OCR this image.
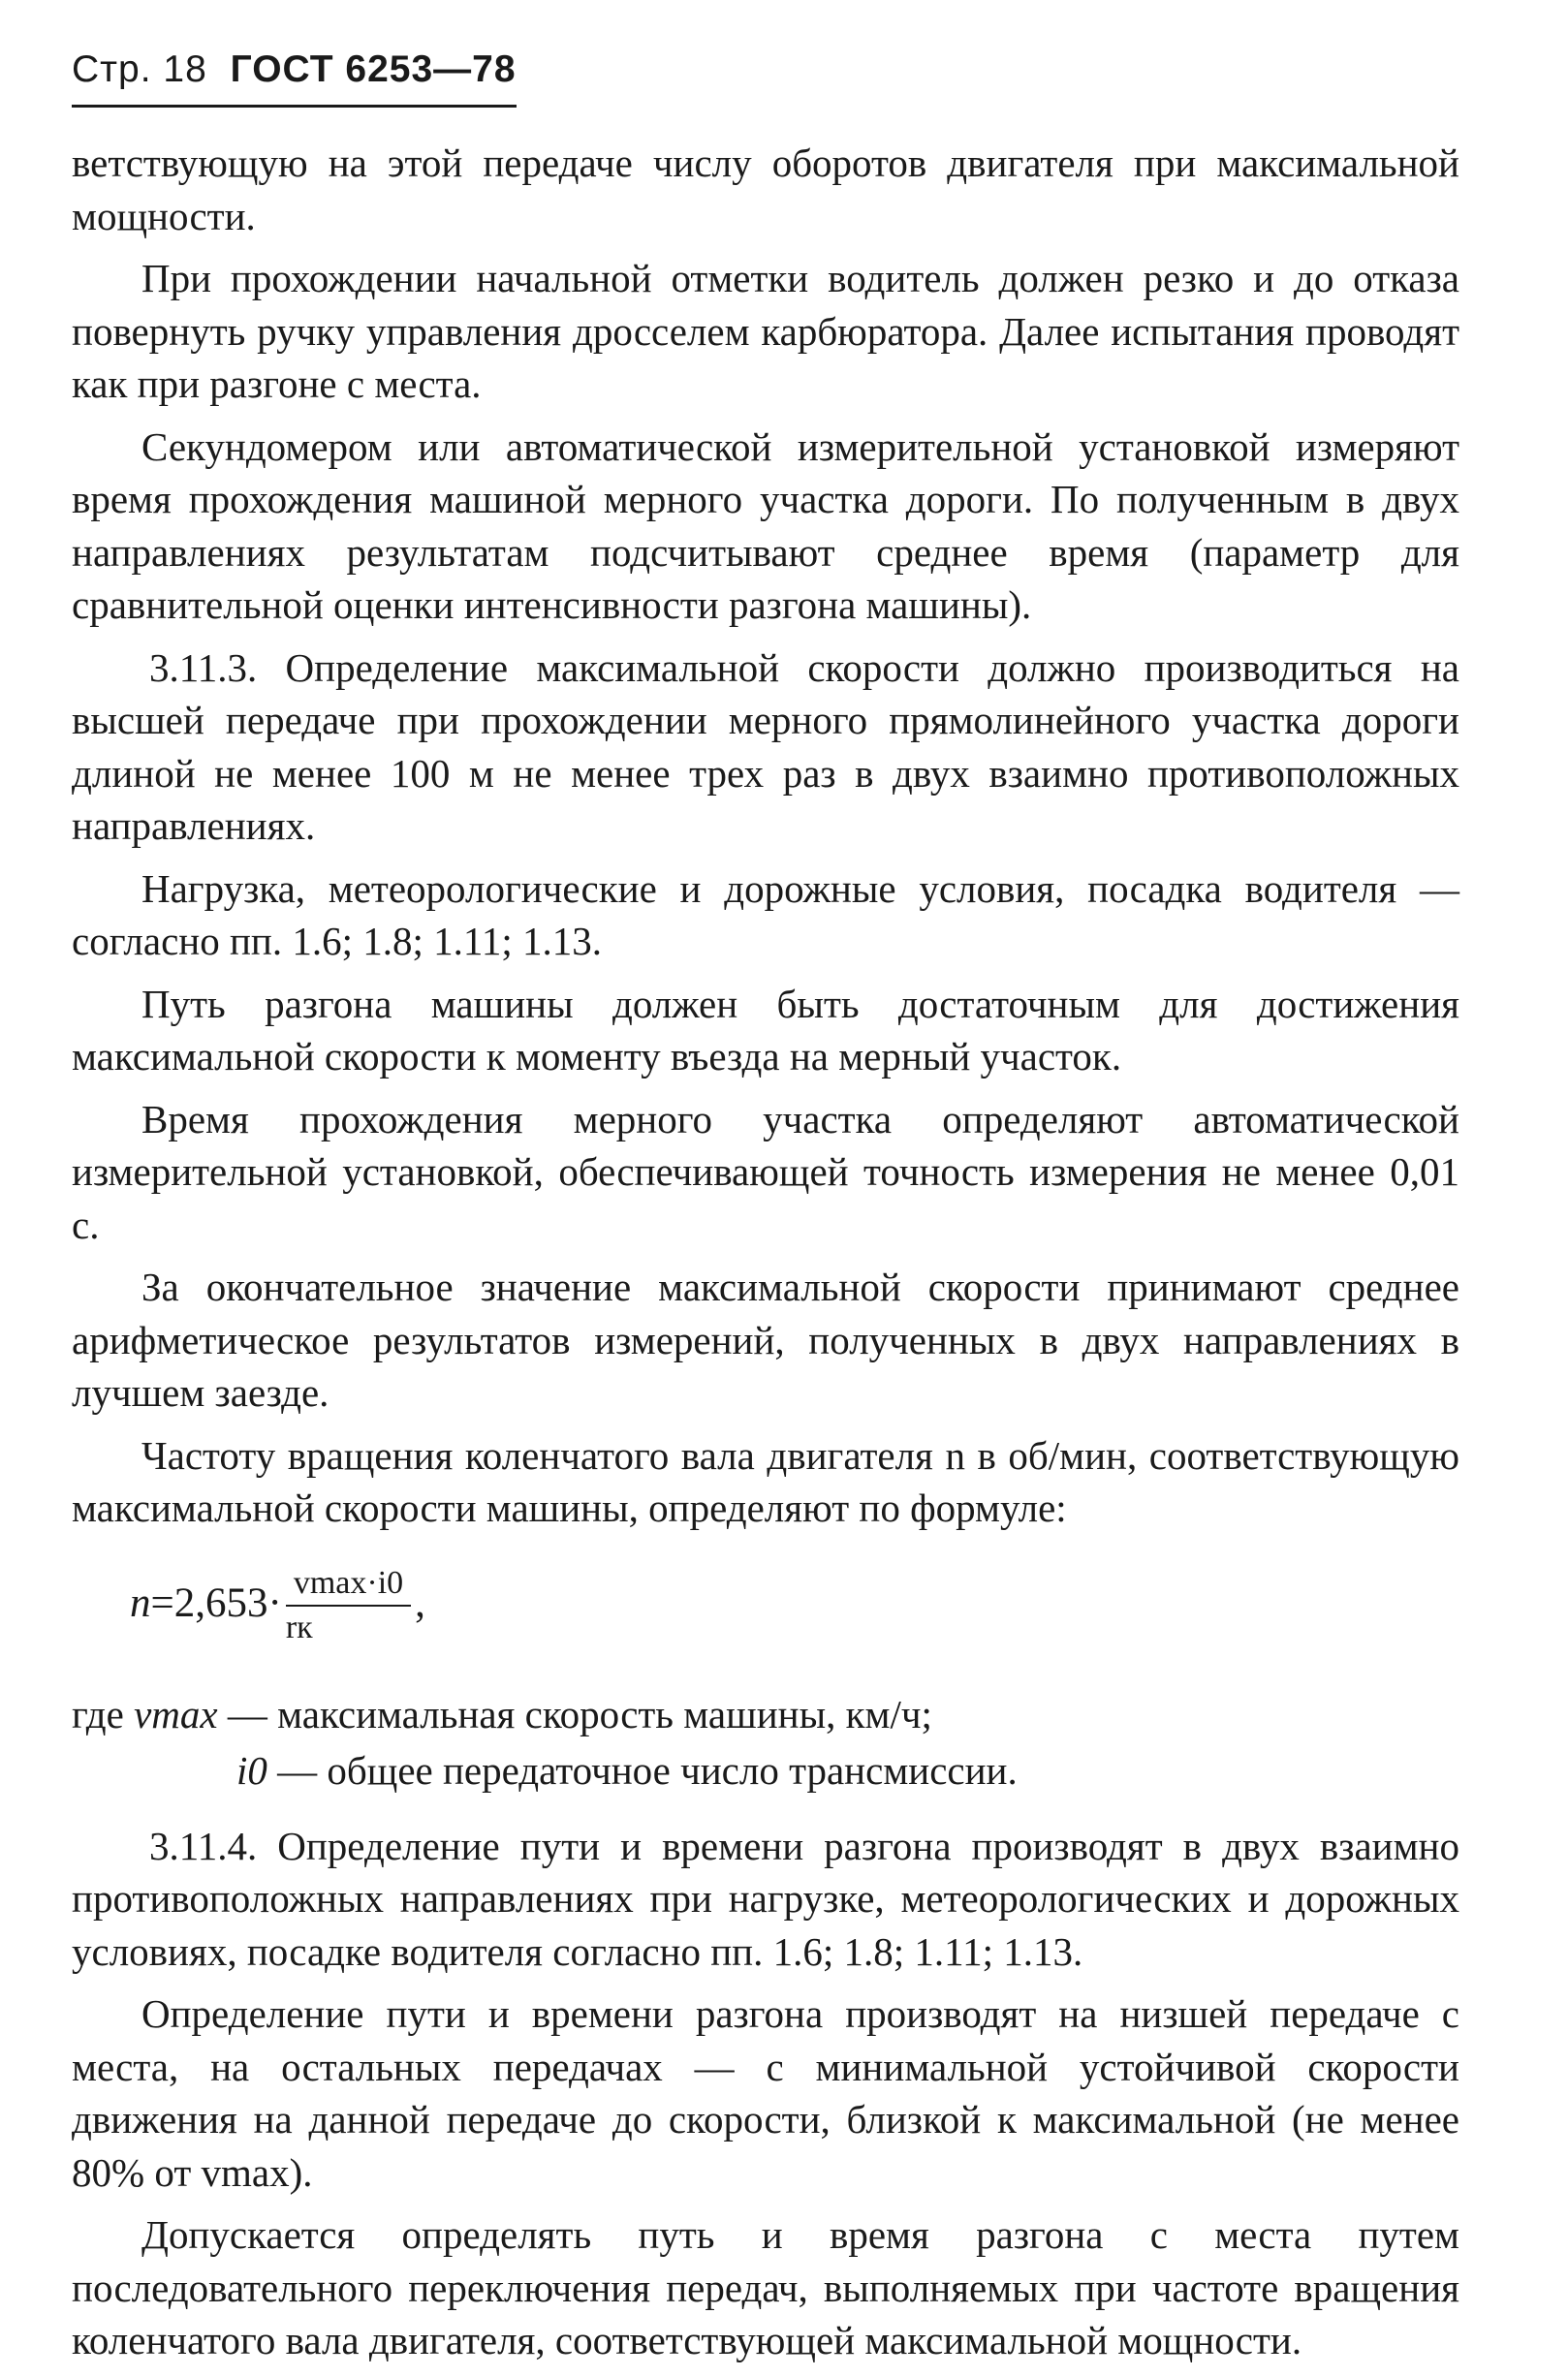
Стр. 18 ГОСТ 6253—78

ветствующую на этой передаче числу оборотов двигателя при максимальной мощности.

При прохождении начальной отметки водитель должен резко и до отказа повернуть ручку управления дросселем карбюратора. Далее испытания проводят как при разгоне с места.

Секундомером или автоматической измерительной установкой измеряют время прохождения машиной мерного участка дороги. По полученным в двух направлениях результатам подсчитывают среднее время (параметр для сравнительной оценки интенсивности разгона машины).

3.11.3. Определение максимальной скорости должно производиться на высшей передаче при прохождении мерного прямолинейного участка дороги длиной не менее 100 м не менее трех раз в двух взаимно противоположных направлениях.

Нагрузка, метеорологические и дорожные условия, посадка водителя — согласно пп. 1.6; 1.8; 1.11; 1.13.

Путь разгона машины должен быть достаточным для достижения максимальной скорости к моменту въезда на мерный участок.

Время прохождения мерного участка определяют автоматической измерительной установкой, обеспечивающей точность измерения не менее 0,01 с.

За окончательное значение максимальной скорости принимают среднее арифметическое результатов измерений, полученных в двух направлениях в лучшем заезде.

Частоту вращения коленчатого вала двигателя n в об/мин, соответствующую максимальной скорости машины, определяют по формуле:

$n=2,653\cdot \frac{vmax\cdot i0}{rк}$ ,
где vmax — максимальная скорость машины, км/ч;
i0 — общее передаточное число трансмиссии.

3.11.4. Определение пути и времени разгона производят в двух взаимно противоположных направлениях при нагрузке, метеорологических и дорожных условиях, посадке водителя согласно пп. 1.6; 1.8; 1.11; 1.13.

Определение пути и времени разгона производят на низшей передаче с места, на остальных передачах — с минимальной устойчивой скорости движения на данной передаче до скорости, близкой к максимальной (не менее 80% от vmax).

Допускается определять путь и время разгона с места путем последовательного переключения передач, выполняемых при частоте вращения коленчатого вала двигателя, соответствующей максимальной мощности.
